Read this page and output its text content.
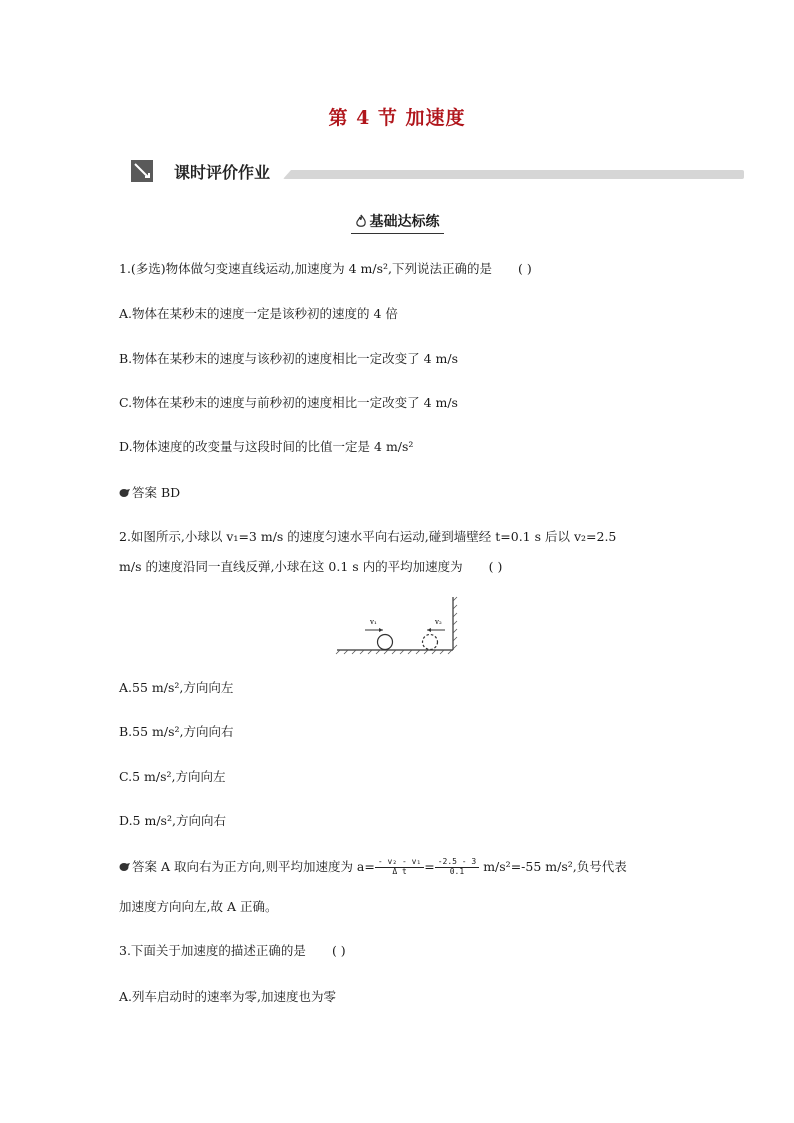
第 4 节 加速度
课时评价作业
基础达标练
1.(多选)物体做匀变速直线运动,加速度为 4 m/s²,下列说法正确的是 ( )
A.物体在某秒末的速度一定是该秒初的速度的 4 倍
B.物体在某秒末的速度与该秒初的速度相比一定改变了 4 m/s
C.物体在某秒末的速度与前秒初的速度相比一定改变了 4 m/s
D.物体速度的改变量与这段时间的比值一定是 4 m/s²
答案 BD
2.如图所示,小球以 v₁=3 m/s 的速度匀速水平向右运动,碰到墙壁经 t=0.1 s 后以 v₂=2.5
m/s 的速度沿同一直线反弹,小球在这 0.1 s 内的平均加速度为 ( )
v₁	v₂
A.55 m/s²,方向向左
B.55 m/s²,方向向右
C.5 m/s²,方向向左
D.5 m/s²,方向向右
答案 A 取向右为正方向,则平均加速度为 $a= \frac{\text{- v₂ - v₁}}{\text{Δ t}} = \frac{-2.5 - 3}{0.1} m/s^2=-55$ m/s²,负号代表
加速度方向向左,故 A 正确。
3.下面关于加速度的描述正确的是 ( )
A.列车启动时的速率为零,加速度也为零
